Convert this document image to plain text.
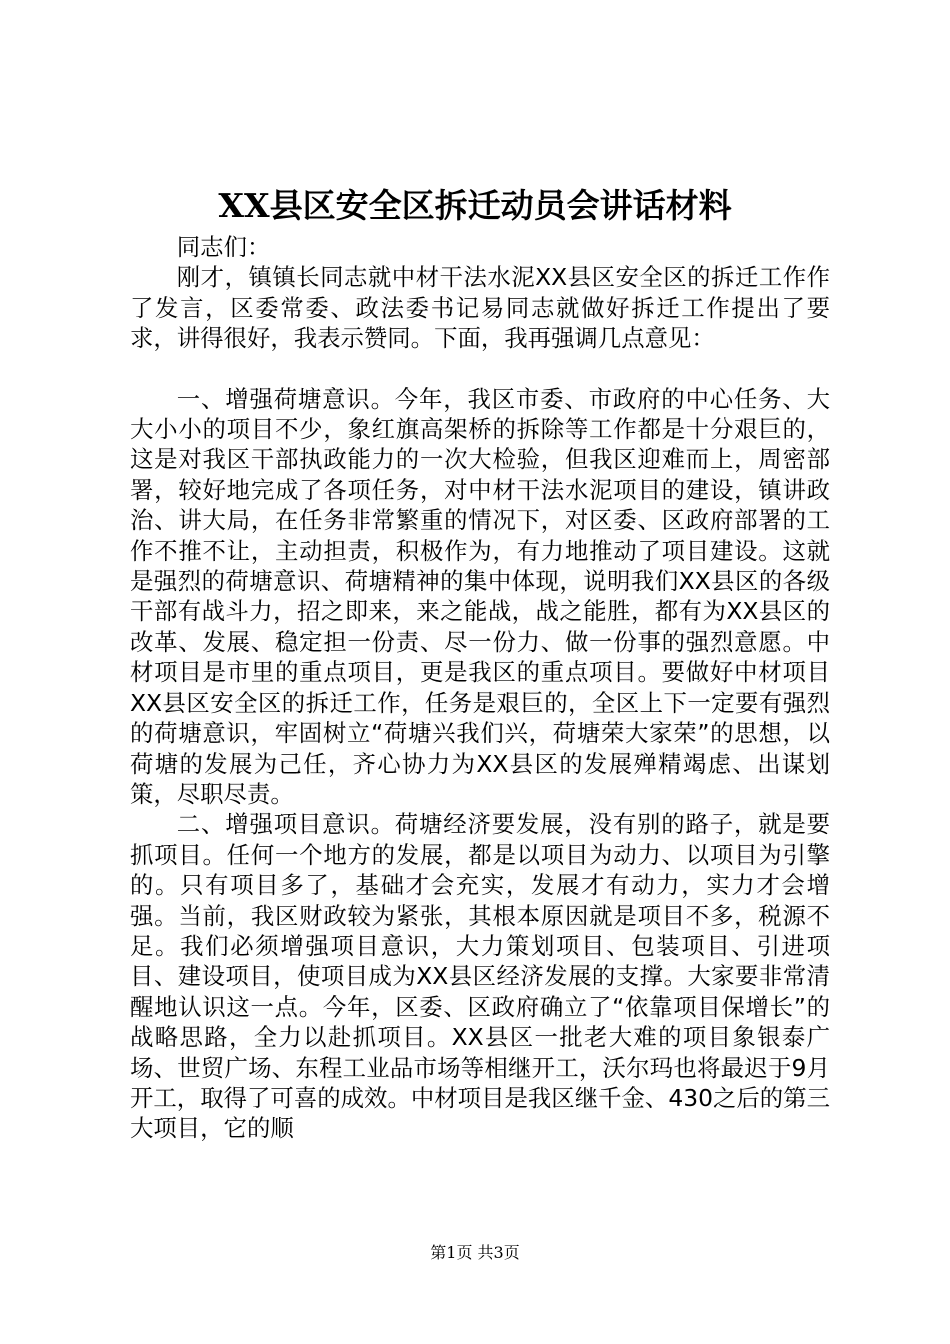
XX县区安全区拆迁动员会讲话材料

同志们：

刚才，镇镇长同志就中材干法水泥XX县区安全区的拆迁工作作了发言，区委常委、政法委书记易同志就做好拆迁工作提出了要求，讲得很好，我表示赞同。下面，我再强调几点意见：

一、增强荷塘意识。今年，我区市委、市政府的中心任务、大大小小的项目不少，象红旗高架桥的拆除等工作都是十分艰巨的，这是对我区干部执政能力的一次大检验，但我区迎难而上，周密部署，较好地完成了各项任务，对中材干法水泥项目的建设，镇讲政治、讲大局，在任务非常繁重的情况下，对区委、区政府部署的工作不推不让，主动担责，积极作为，有力地推动了项目建设。这就是强烈的荷塘意识、荷塘精神的集中体现，说明我们XX县区的各级干部有战斗力，招之即来，来之能战，战之能胜，都有为XX县区的改革、发展、稳定担一份责、尽一份力、做一份事的强烈意愿。中材项目是市里的重点项目，更是我区的重点项目。要做好中材项目XX县区安全区的拆迁工作，任务是艰巨的，全区上下一定要有强烈的荷塘意识，牢固树立“荷塘兴我们兴，荷塘荣大家荣”的思想，以荷塘的发展为己任，齐心协力为XX县区的发展殚精竭虑、出谋划策，尽职尽责。

二、增强项目意识。荷塘经济要发展，没有别的路子，就是要抓项目。任何一个地方的发展，都是以项目为动力、以项目为引擎的。只有项目多了，基础才会充实，发展才有动力，实力才会增强。当前，我区财政较为紧张，其根本原因就是项目不多，税源不足。我们必须增强项目意识，大力策划项目、包装项目、引进项目、建设项目，使项目成为XX县区经济发展的支撑。大家要非常清醒地认识这一点。今年，区委、区政府确立了“依靠项目保增长”的战略思路，全力以赴抓项目。XX县区一批老大难的项目象银泰广场、世贸广场、东程工业品市场等相继开工，沃尔玛也将最迟于9月开工，取得了可喜的成效。中材项目是我区继千金、430之后的第三大项目，它的顺

第1页 共3页
